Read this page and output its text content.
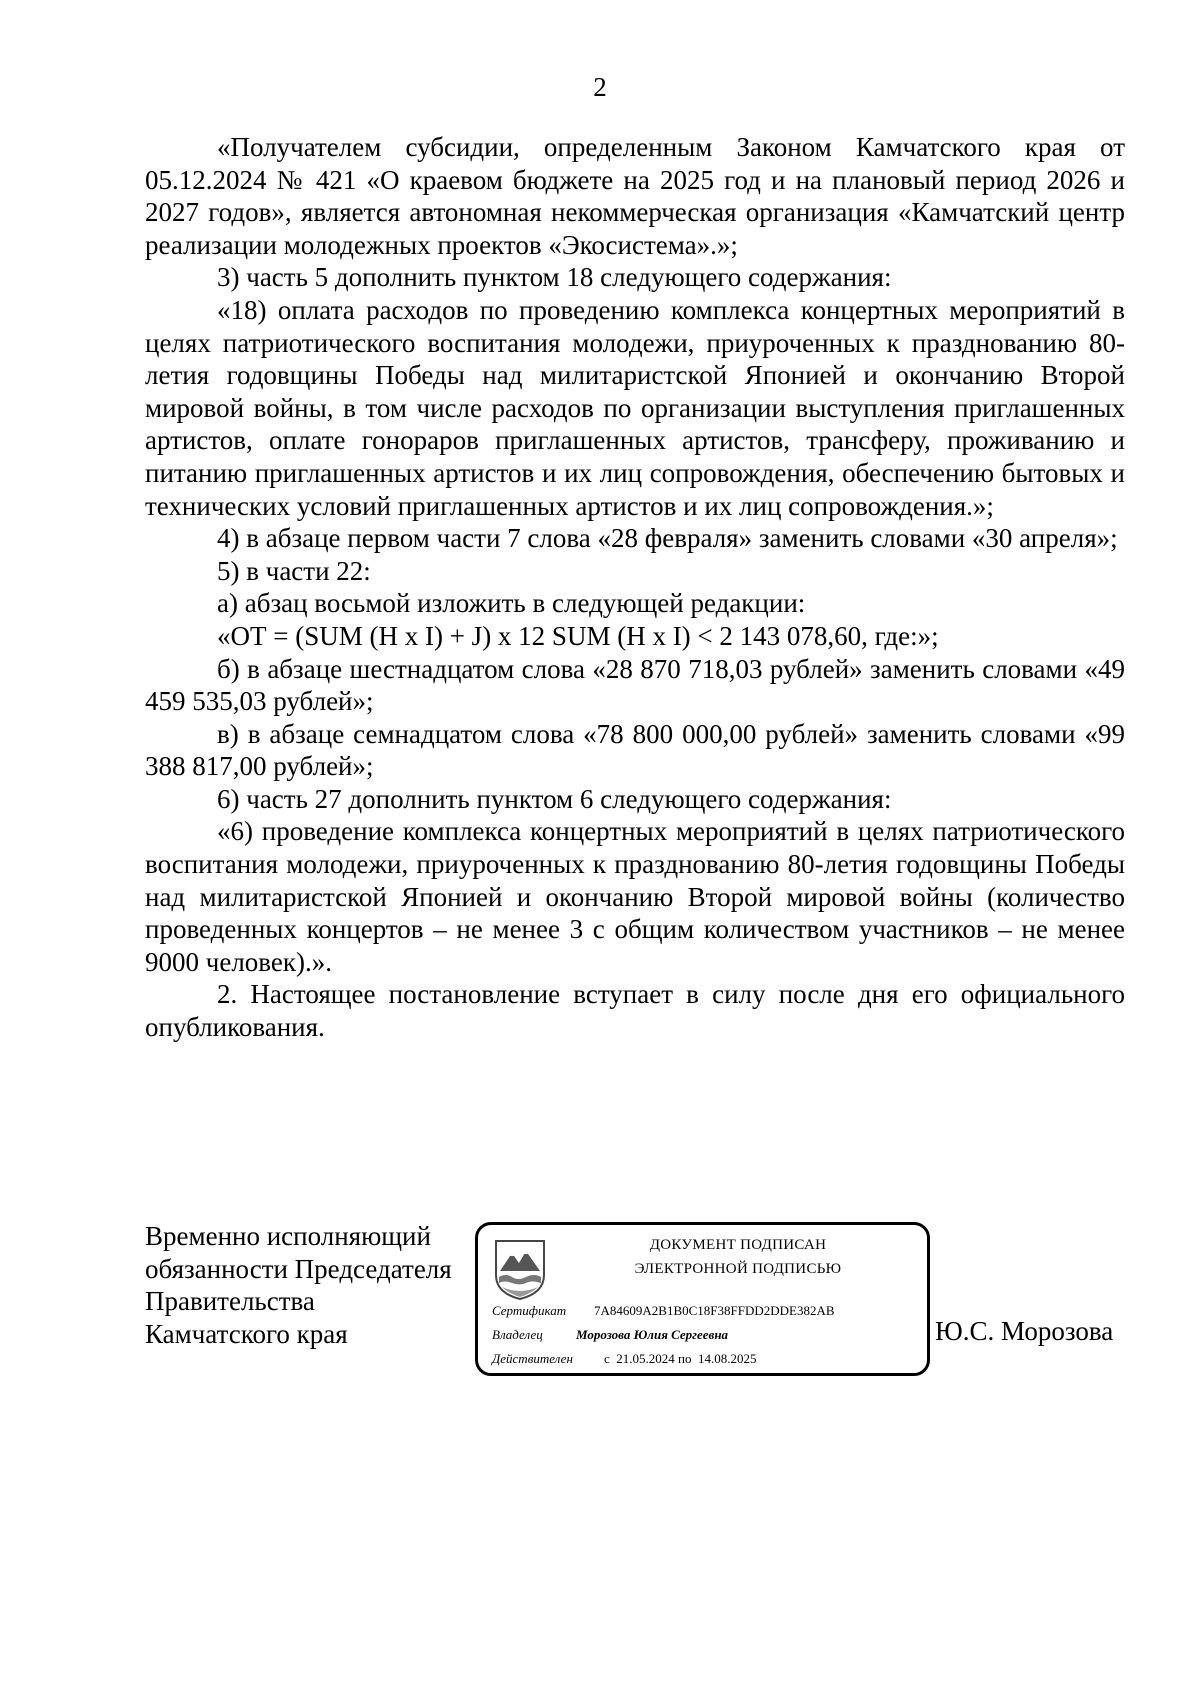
2

«Получателем субсидии, определенным Законом Камчатского края от 05.12.2024 № 421 «О краевом бюджете на 2025 год и на плановый период 2026 и 2027 годов», является автономная некоммерческая организация «Камчатский центр реализации молодежных проектов «Экосистема».»;

3) часть 5 дополнить пунктом 18 следующего содержания:

«18) оплата расходов по проведению комплекса концертных мероприятий в целях патриотического воспитания молодежи, приуроченных к празднованию 80-летия годовщины Победы над милитаристской Японией и окончанию Второй мировой войны, в том числе расходов по организации выступления приглашенных артистов, оплате гонораров приглашенных артистов, трансферу, проживанию и питанию приглашенных артистов и их лиц сопровождения, обеспечению бытовых и технических условий приглашенных артистов и их лиц сопровождения.»;

4) в абзаце первом части 7 слова «28 февраля» заменить словами «30 апреля»;

5) в части 22:

а) абзац восьмой изложить в следующей редакции:

«ОТ = (SUM (H x I) + J) x 12 SUM (H x I) < 2 143 078,60, где:»;

б) в абзаце шестнадцатом слова «28 870 718,03 рублей» заменить словами «49 459 535,03 рублей»;

в) в абзаце семнадцатом слова «78 800 000,00 рублей» заменить словами «99 388 817,00 рублей»;

6) часть 27 дополнить пунктом 6 следующего содержания:

«6) проведение комплекса концертных мероприятий в целях патриотического воспитания молодежи, приуроченных к празднованию 80-летия годовщины Победы над милитаристской Японией и окончанию Второй мировой войны (количество проведенных концертов – не менее 3 с общим количеством участников – не менее 9000 человек).».

2. Настоящее постановление вступает в силу после дня его официального опубликования.

Временно исполняющий
обязанности Председателя
Правительства
Камчатского края
ДОКУМЕНТ ПОДПИСАН
ЭЛЕКТРОННОЙ ПОДПИСЬЮ
Сертификат 7A84609A2B1B0C18F38FFDD2DDE382AB
Владелец	Морозова Юлия Сергеевна
Действителен с  21.05.2024 по  14.08.2025
Ю.С. Морозова
